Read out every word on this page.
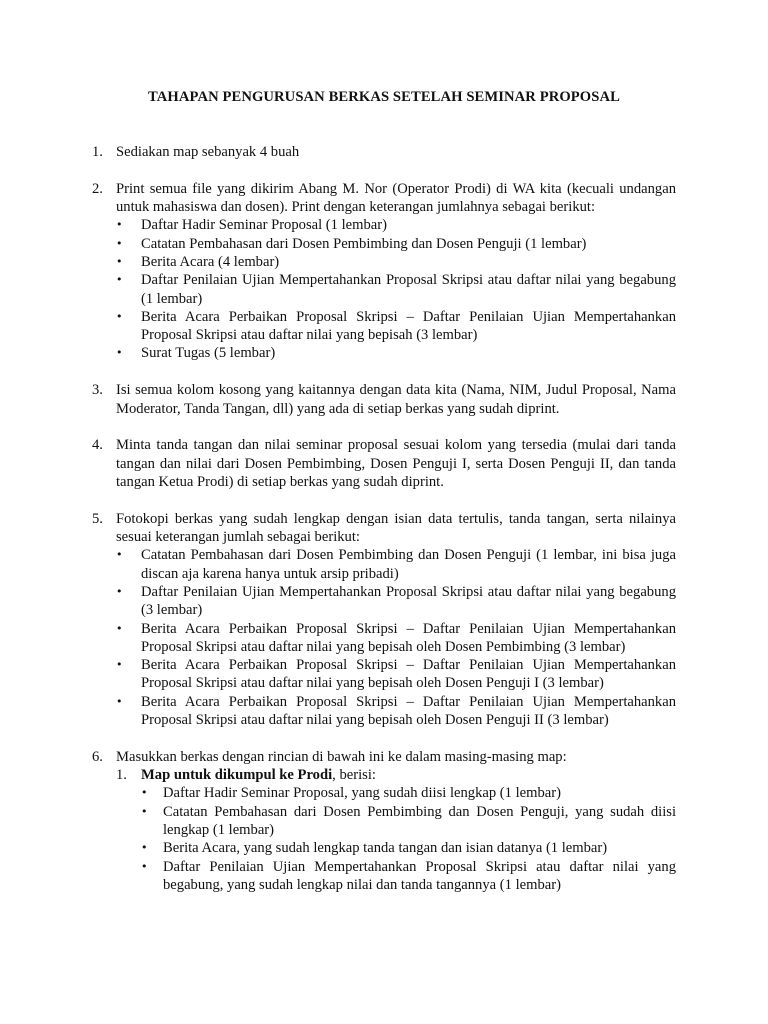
TAHAPAN PENGURUSAN BERKAS SETELAH SEMINAR PROPOSAL
1. Sediakan map sebanyak 4 buah
2. Print semua file yang dikirim Abang M. Nor (Operator Prodi) di WA kita (kecuali undangan untuk mahasiswa dan dosen). Print dengan keterangan jumlahnya sebagai berikut:
• Daftar Hadir Seminar Proposal (1 lembar)
• Catatan Pembahasan dari Dosen Pembimbing dan Dosen Penguji (1 lembar)
• Berita Acara (4 lembar)
• Daftar Penilaian Ujian Mempertahankan Proposal Skripsi atau daftar nilai yang begabung (1 lembar)
• Berita Acara Perbaikan Proposal Skripsi – Daftar Penilaian Ujian Mempertahankan Proposal Skripsi atau daftar nilai yang bepisah (3 lembar)
• Surat Tugas (5 lembar)
3. Isi semua kolom kosong yang kaitannya dengan data kita (Nama, NIM, Judul Proposal, Nama Moderator, Tanda Tangan, dll) yang ada di setiap berkas yang sudah diprint.
4. Minta tanda tangan dan nilai seminar proposal sesuai kolom yang tersedia (mulai dari tanda tangan dan nilai dari Dosen Pembimbing, Dosen Penguji I, serta Dosen Penguji II, dan tanda tangan Ketua Prodi) di setiap berkas yang sudah diprint.
5. Fotokopi berkas yang sudah lengkap dengan isian data tertulis, tanda tangan, serta nilainya sesuai keterangan jumlah sebagai berikut:
• Catatan Pembahasan dari Dosen Pembimbing dan Dosen Penguji (1 lembar, ini bisa juga discan aja karena hanya untuk arsip pribadi)
• Daftar Penilaian Ujian Mempertahankan Proposal Skripsi atau daftar nilai yang begabung (3 lembar)
• Berita Acara Perbaikan Proposal Skripsi – Daftar Penilaian Ujian Mempertahankan Proposal Skripsi atau daftar nilai yang bepisah oleh Dosen Pembimbing (3 lembar)
• Berita Acara Perbaikan Proposal Skripsi – Daftar Penilaian Ujian Mempertahankan Proposal Skripsi atau daftar nilai yang bepisah oleh Dosen Penguji I (3 lembar)
• Berita Acara Perbaikan Proposal Skripsi – Daftar Penilaian Ujian Mempertahankan Proposal Skripsi atau daftar nilai yang bepisah oleh Dosen Penguji II (3 lembar)
6. Masukkan berkas dengan rincian di bawah ini ke dalam masing-masing map:
1. Map untuk dikumpul ke Prodi, berisi:
• Daftar Hadir Seminar Proposal, yang sudah diisi lengkap (1 lembar)
• Catatan Pembahasan dari Dosen Pembimbing dan Dosen Penguji, yang sudah diisi lengkap (1 lembar)
• Berita Acara, yang sudah lengkap tanda tangan dan isian datanya (1 lembar)
• Daftar Penilaian Ujian Mempertahankan Proposal Skripsi atau daftar nilai yang begabung, yang sudah lengkap nilai dan tanda tangannya (1 lembar)
